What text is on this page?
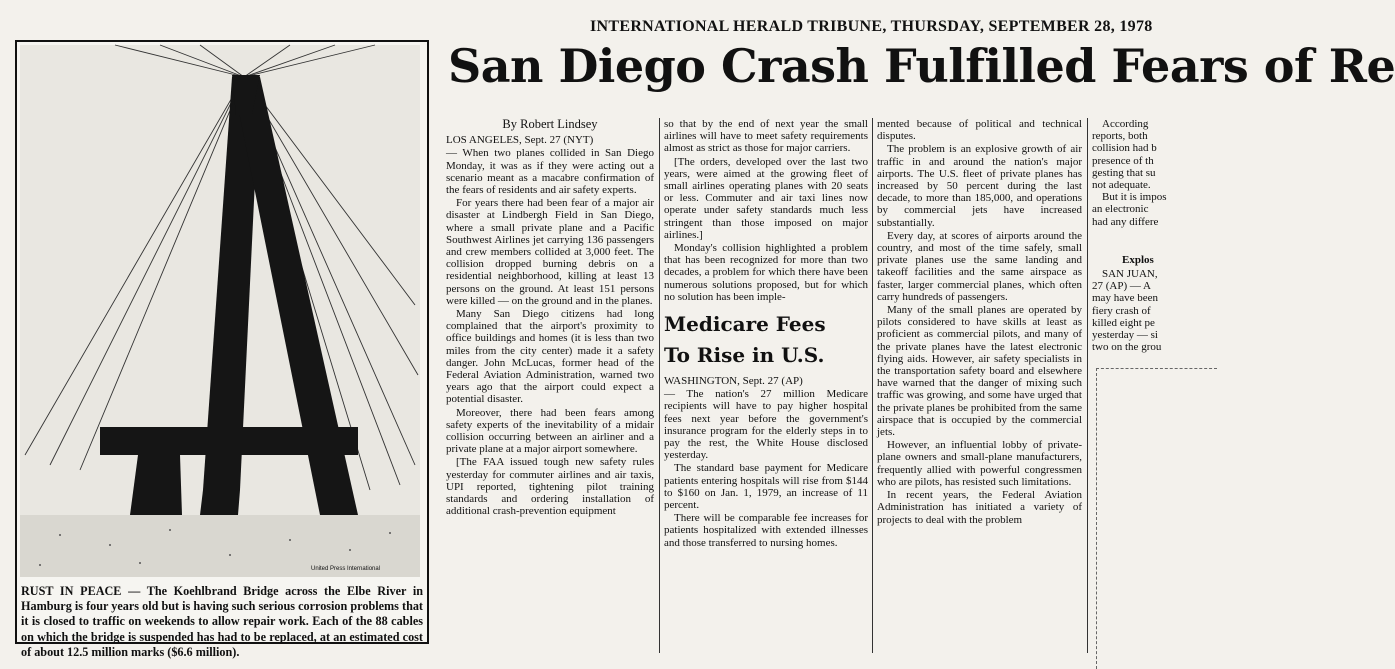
INTERNATIONAL HERALD TRIBUNE, THURSDAY, SEPTEMBER 28, 1978
San Diego Crash Fulfilled Fears of Re
United Press International
RUST IN PEACE — The Koehlbrand Bridge across the Elbe River in Hamburg is four years old but is having such serious corrosion problems that it is closed to traffic on weekends to allow repair work. Each of the 88 cables on which the bridge is suspended has had to be replaced, at an estimated cost of about 12.5 million marks ($6.6 million).
By Robert Lindsey

LOS ANGELES, Sept. 27 (NYT)

— When two planes collided in San Diego Monday, it was as if they were acting out a scenario meant as a macabre confirmation of the fears of residents and air safety experts.

For years there had been fear of a major air disaster at Lindbergh Field in San Diego, where a small private plane and a Pacific Southwest Airlines jet carrying 136 passengers and crew members collided at 3,000 feet. The collision dropped burning debris on a residential neighborhood, killing at least 13 persons on the ground. At least 151 persons were killed — on the ground and in the planes.

Many San Diego citizens had long complained that the airport's proximity to office buildings and homes (it is less than two miles from the city center) made it a safety danger. John McLucas, former head of the Federal Aviation Administration, warned two years ago that the airport could expect a potential disaster.

Moreover, there had been fears among safety experts of the inevitability of a midair collision occurring between an airliner and a private plane at a major airport somewhere.

[The FAA issued tough new safety rules yesterday for commuter airlines and air taxis, UPI reported, tightening pilot training standards and ordering installation of additional crash-prevention equipment

so that by the end of next year the small airlines will have to meet safety requirements almost as strict as those for major carriers.

[The orders, developed over the last two years, were aimed at the growing fleet of small airlines operating planes with 20 seats or less. Commuter and air taxi lines now operate under safety standards much less stringent than those imposed on major airlines.]

Monday's collision highlighted a problem that has been recognized for more than two decades, a problem for which there have been numerous solutions proposed, but for which no solution has been imple-

Medicare Fees
To Rise in U.S.

WASHINGTON, Sept. 27 (AP)

— The nation's 27 million Medicare recipients will have to pay higher hospital fees next year before the government's insurance program for the elderly steps in to pay the rest, the White House disclosed yesterday.

The standard base payment for Medicare patients entering hospitals will rise from $144 to $160 on Jan. 1, 1979, an increase of 11 percent.

There will be comparable fee increases for patients hospitalized with extended illnesses and those transferred to nursing homes.

mented because of political and technical disputes.

The problem is an explosive growth of air traffic in and around the nation's major airports. The U.S. fleet of private planes has increased by 50 percent during the last decade, to more than 185,000, and operations by commercial jets have increased substantially.

Every day, at scores of airports around the country, and most of the time safely, small private planes use the same landing and takeoff facilities and the same airspace as faster, larger commercial planes, which often carry hundreds of passengers.

Many of the small planes are operated by pilots considered to have skills at least as proficient as commercial pilots, and many of the private planes have the latest electronic flying aids. However, air safety specialists in the transportation safety board and elsewhere have warned that the danger of mixing such traffic was growing, and some have urged that the private planes be prohibited from the same airspace that is occupied by the commercial jets.

However, an influential lobby of private-plane owners and small-plane manufacturers, frequently allied with powerful congressmen who are pilots, has resisted such limitations.

In recent years, the Federal Aviation Administration has initiated a variety of projects to deal with the problem

According
reports, both
collision had b
presence of th
gesting that su
not adequate.
But it is impos
an electronic
had any differe
Explos
SAN JUAN,
27 (AP) — A
may have been
fiery crash of
killed eight pe
yesterday — si
two on the grou
